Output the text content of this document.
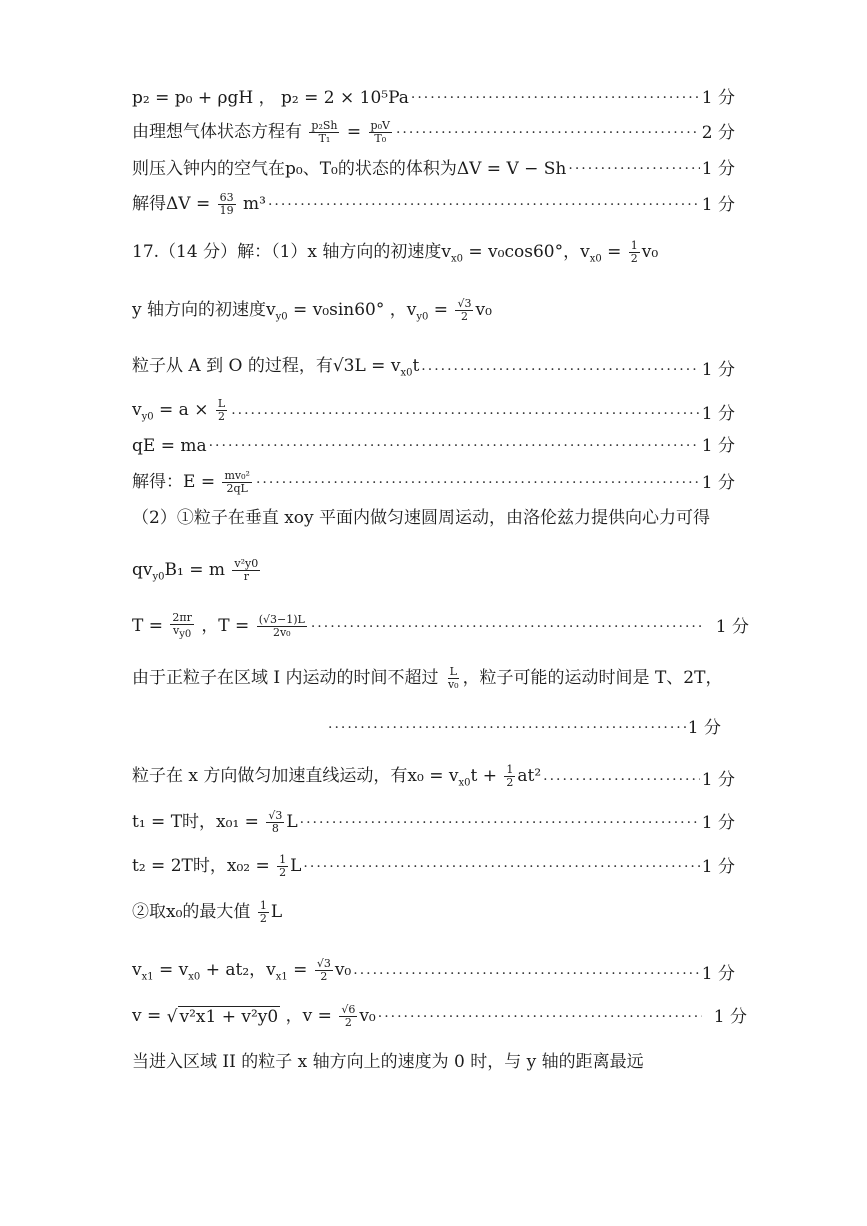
p₂ = p₀ + ρgH ， p₂ = 2 × 10⁵Pa ·····	1 分
由理想气体状态方程有 $\frac{\text{p₂Sh}}{\text{T₁}} = \frac{\text{p₀V}}{\text{T₀}}$ ·····	2 分
则压入钟内的空气在p₀、T₀的状态的体积为ΔV = V − Sh ·····	1 分
解得$\Delta V = \frac{63}{19} m^3$ ·····	1 分
17.（14 分）解：（1）x 轴方向的初速度$v_{x0} = v_0\cos 60^\circ$，$v_{x0} = \frac{1}{2} v_0$
y 轴方向的初速度$v_{y0} = v_0\sin 60^\circ$ ，$v_{y0} = \frac{√3}{2} v_0$
粒子从 A 到 O 的过程，有$√3L = v_{x0}t$ ·····	1 分
$v_{y0} = a \times \frac{L}{2}$ ·····	1 分
qE = ma ·····	1 分
解得：$E = \frac{\text{mv₀²}}{2qL}$ ·····	1 分
（2）①粒子在垂直 xoy 平面内做匀速圆周运动，由洛伦兹力提供向心力可得
$qv_{y0}B_1 = m \frac{\text{v²y0}}{r}$
$T = \frac{2\pi r}{v_{y0}}$ ，$T = \frac{(√3-1)L}{\text{2v₀}}$ ·····	1 分
由于正粒子在区域 I 内运动的时间不超过 $\frac{L}{\text{v₀}}$ ，粒子可能的运动时间是 T、2T，
·····
1 分
粒子在 x 方向做匀加速直线运动，有$x_0 = v_{x0}t + \frac{1}{2} at^2$ ·····	1 分
t₁ = T时，$x_{01} = \frac{√3}{8}$ L ·····	1 分
t₂ = 2T时，$x_{02} = \frac{1}{2}$ L ·····	1 分
②取x₀的最大值 $\frac{1}{2}$ L
$v_{x1} = v_{x0} + at_2$，$v_{x1} = \frac{√3}{2} v_0$ ·····	1 分
v = √ v²x1 + v²y0 ，$v = \frac{√6}{2} v_0$ ·····	1 分
当进入区域 II 的粒子 x 轴方向上的速度为 0 时，与 y 轴的距离最远
